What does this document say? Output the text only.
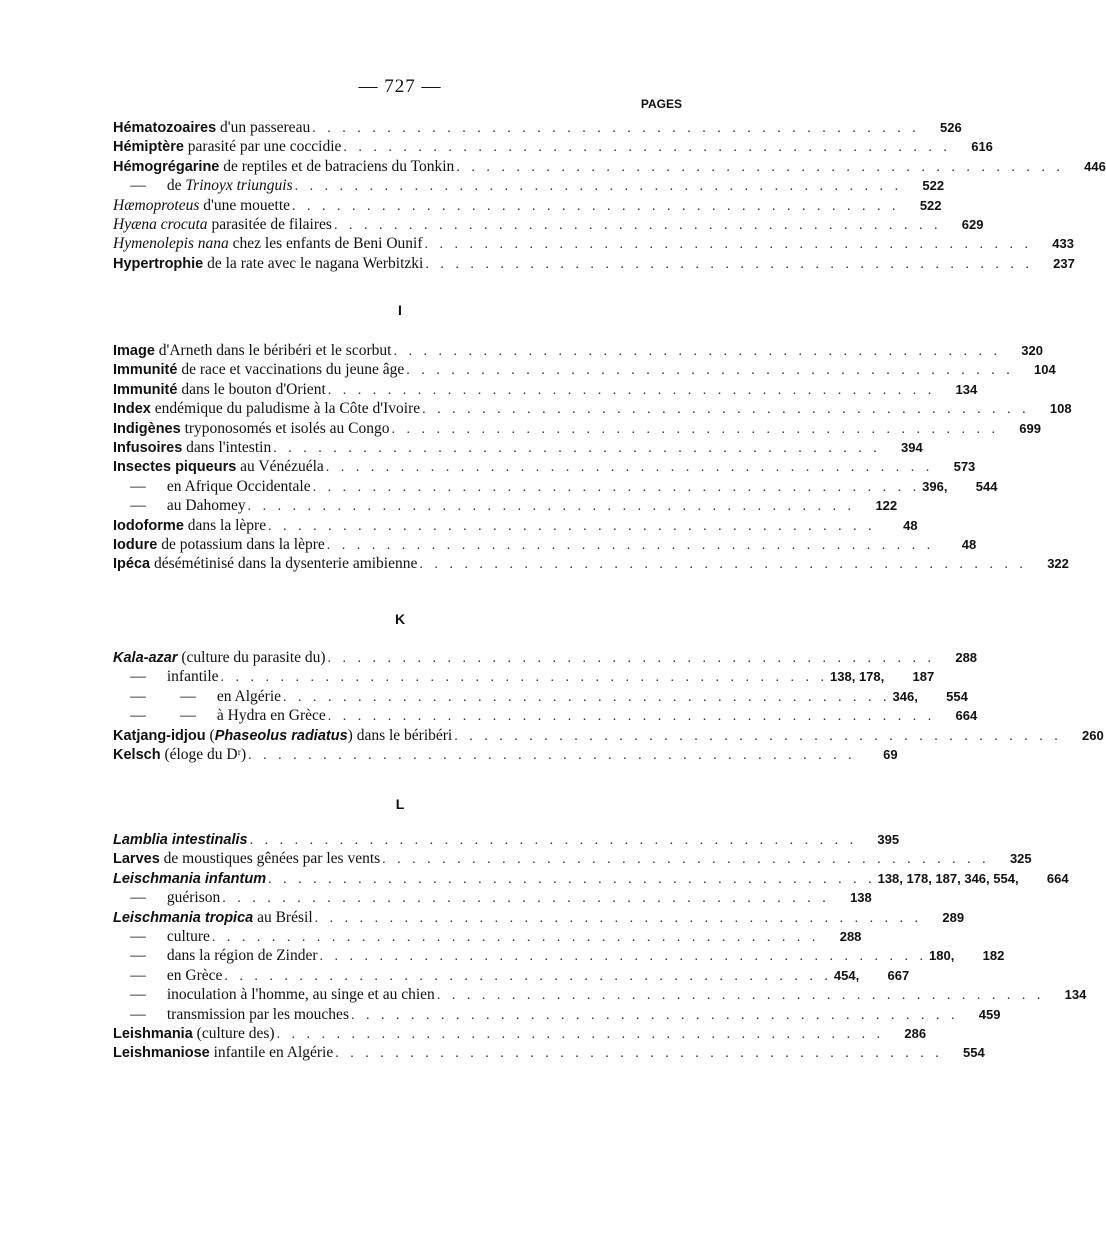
— 727 —
PAGES
Hématozoaires d'un passereau . . . . . . . . . . . . . . . . . . . . . . . . . . . . . . . . . . . . . . . . .	526
Hémiptère parasité par une coccidie . . . . . . . . . . . . . . . . . . . . . . . . . . . . . . . . . . . . . . . . .	616
Hémogrégarine de reptiles et de batraciens du Tonkin . . . . . . . . . . . . . . . . . . . . . . . . . . . . . . . . . . . . . . . . .	446
— de Trinoyx triunguis . . . . . . . . . . . . . . . . . . . . . . . . . . . . . . . . . . . . . . . . .	522
Hæmoproteus d'une mouette . . . . . . . . . . . . . . . . . . . . . . . . . . . . . . . . . . . . . . . . .	522
Hyæna crocuta parasitée de filaires . . . . . . . . . . . . . . . . . . . . . . . . . . . . . . . . . . . . . . . . .	629
Hymenolepis nana chez les enfants de Beni Ounif . . . . . . . . . . . . . . . . . . . . . . . . . . . . . . . . . . . . . . . . .	433
Hypertrophie de la rate avec le nagana Werbitzki . . . . . . . . . . . . . . . . . . . . . . . . . . . . . . . . . . . . . . . . .	237
I
Image d'Arneth dans le béribéri et le scorbut . . . . . . . . . . . . . . . . . . . . . . . . . . . . . . . . . . . . . . . . .	320
Immunité de race et vaccinations du jeune âge . . . . . . . . . . . . . . . . . . . . . . . . . . . . . . . . . . . . . . . . .	104
Immunité dans le bouton d'Orient . . . . . . . . . . . . . . . . . . . . . . . . . . . . . . . . . . . . . . . . .	134
Index endémique du paludisme à la Côte d'Ivoire . . . . . . . . . . . . . . . . . . . . . . . . . . . . . . . . . . . . . . . . .	108
Indigènes tryponosomés et isolés au Congo . . . . . . . . . . . . . . . . . . . . . . . . . . . . . . . . . . . . . . . . .	699
Infusoires dans l'intestin . . . . . . . . . . . . . . . . . . . . . . . . . . . . . . . . . . . . . . . . .	394
Insectes piqueurs au Vénézuéla . . . . . . . . . . . . . . . . . . . . . . . . . . . . . . . . . . . . . . . . .	573
— en Afrique Occidentale . . . . . . . . . . . . . . . . . . . . . . . . . . . . . . . . . . . . . . . . . 396,	544
— au Dahomey . . . . . . . . . . . . . . . . . . . . . . . . . . . . . . . . . . . . . . . . .	122
Iodoforme dans la lèpre . . . . . . . . . . . . . . . . . . . . . . . . . . . . . . . . . . . . . . . . .	48
Iodure de potassium dans la lèpre . . . . . . . . . . . . . . . . . . . . . . . . . . . . . . . . . . . . . . . . .	48
Ipéca désémétinisé dans la dysenterie amibienne . . . . . . . . . . . . . . . . . . . . . . . . . . . . . . . . . . . . . . . . .	322
K
Kala-azar (culture du parasite du) . . . . . . . . . . . . . . . . . . . . . . . . . . . . . . . . . . . . . . . . .	288
— infantile . . . . . . . . . . . . . . . . . . . . . . . . . . . . . . . . . . . . . . . . . 138, 178,	187
— — en Algérie . . . . . . . . . . . . . . . . . . . . . . . . . . . . . . . . . . . . . . . . . 346,	554
— — à Hydra en Grèce . . . . . . . . . . . . . . . . . . . . . . . . . . . . . . . . . . . . . . . . .	664
Katjang-idjou (Phaseolus radiatus) dans le béribéri . . . . . . . . . . . . . . . . . . . . . . . . . . . . . . . . . . . . . . . . .	260
Kelsch (éloge du Dʳ) . . . . . . . . . . . . . . . . . . . . . . . . . . . . . . . . . . . . . . . . .	69
L
Lamblia intestinalis . . . . . . . . . . . . . . . . . . . . . . . . . . . . . . . . . . . . . . . . .	395
Larves de moustiques gênées par les vents . . . . . . . . . . . . . . . . . . . . . . . . . . . . . . . . . . . . . . . . .	325
Leischmania infantum . . . . . . . . . . . . . . . . . . . . . . . . . . . . . . . . . . . . . . . . . 138, 178, 187, 346, 554,	664
— guérison . . . . . . . . . . . . . . . . . . . . . . . . . . . . . . . . . . . . . . . . .	138
Leischmania tropica au Brésil . . . . . . . . . . . . . . . . . . . . . . . . . . . . . . . . . . . . . . . . .	289
— culture . . . . . . . . . . . . . . . . . . . . . . . . . . . . . . . . . . . . . . . . .	288
— dans la région de Zinder . . . . . . . . . . . . . . . . . . . . . . . . . . . . . . . . . . . . . . . . . 180,	182
— en Grèce . . . . . . . . . . . . . . . . . . . . . . . . . . . . . . . . . . . . . . . . . 454,	667
— inoculation à l'homme, au singe et au chien . . . . . . . . . . . . . . . . . . . . . . . . . . . . . . . . . . . . . . . . .	134
— transmission par les mouches . . . . . . . . . . . . . . . . . . . . . . . . . . . . . . . . . . . . . . . . .	459
Leishmania (culture des) . . . . . . . . . . . . . . . . . . . . . . . . . . . . . . . . . . . . . . . . .	286
Leishmaniose infantile en Algérie . . . . . . . . . . . . . . . . . . . . . . . . . . . . . . . . . . . . . . . . .	554
